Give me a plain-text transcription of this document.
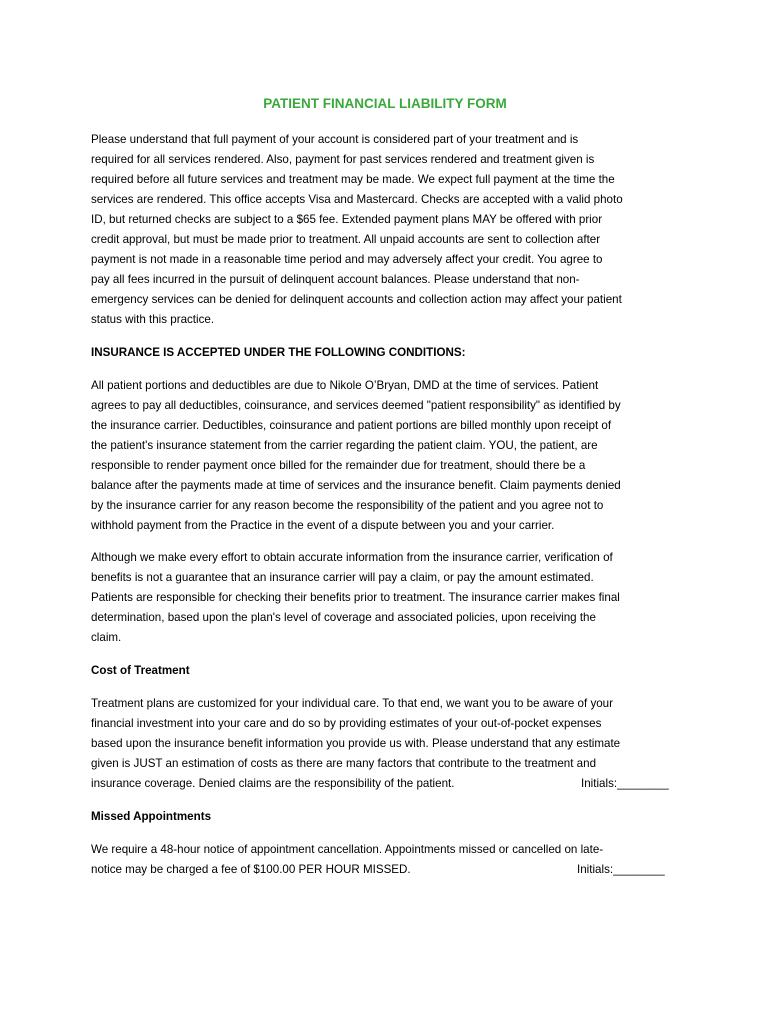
PATIENT FINANCIAL LIABILITY FORM
Please understand that full payment of your account is considered part of your treatment and is
required for all services rendered. Also, payment for past services rendered and treatment given is
required before all future services and treatment may be made. We expect full payment at the time the
services are rendered. This office accepts Visa and Mastercard. Checks are accepted with a valid photo
ID, but returned checks are subject to a $65 fee. Extended payment plans MAY be offered with prior
credit approval, but must be made prior to treatment. All unpaid accounts are sent to collection after
payment is not made in a reasonable time period and may adversely affect your credit. You agree to
pay all fees incurred in the pursuit of delinquent account balances. Please understand that non-
emergency services can be denied for delinquent accounts and collection action may affect your patient
status with this practice.
INSURANCE IS ACCEPTED UNDER THE FOLLOWING CONDITIONS:
All patient portions and deductibles are due to Nikole O’Bryan, DMD at the time of services. Patient
agrees to pay all deductibles, coinsurance, and services deemed "patient responsibility" as identified by
the insurance carrier. Deductibles, coinsurance and patient portions are billed monthly upon receipt of
the patient's insurance statement from the carrier regarding the patient claim. YOU, the patient, are
responsible to render payment once billed for the remainder due for treatment, should there be a
balance after the payments made at time of services and the insurance benefit. Claim payments denied
by the insurance carrier for any reason become the responsibility of the patient and you agree not to
withhold payment from the Practice in the event of a dispute between you and your carrier.
Although we make every effort to obtain accurate information from the insurance carrier, verification of
benefits is not a guarantee that an insurance carrier will pay a claim, or pay the amount estimated.
Patients are responsible for checking their benefits prior to treatment. The insurance carrier makes final
determination, based upon the plan's level of coverage and associated policies, upon receiving the
claim.
Cost of Treatment
Treatment plans are customized for your individual care. To that end, we want you to be aware of your
financial investment into your care and do so by providing estimates of your out-of-pocket expenses
based upon the insurance benefit information you provide us with. Please understand that any estimate
given is JUST an estimation of costs as there are many factors that contribute to the treatment and
insurance coverage. Denied claims are the responsibility of the patient.	Initials:________
Missed Appointments
We require a 48-hour notice of appointment cancellation. Appointments missed or cancelled on late-
notice may be charged a fee of $100.00 PER HOUR MISSED.	Initials:________
